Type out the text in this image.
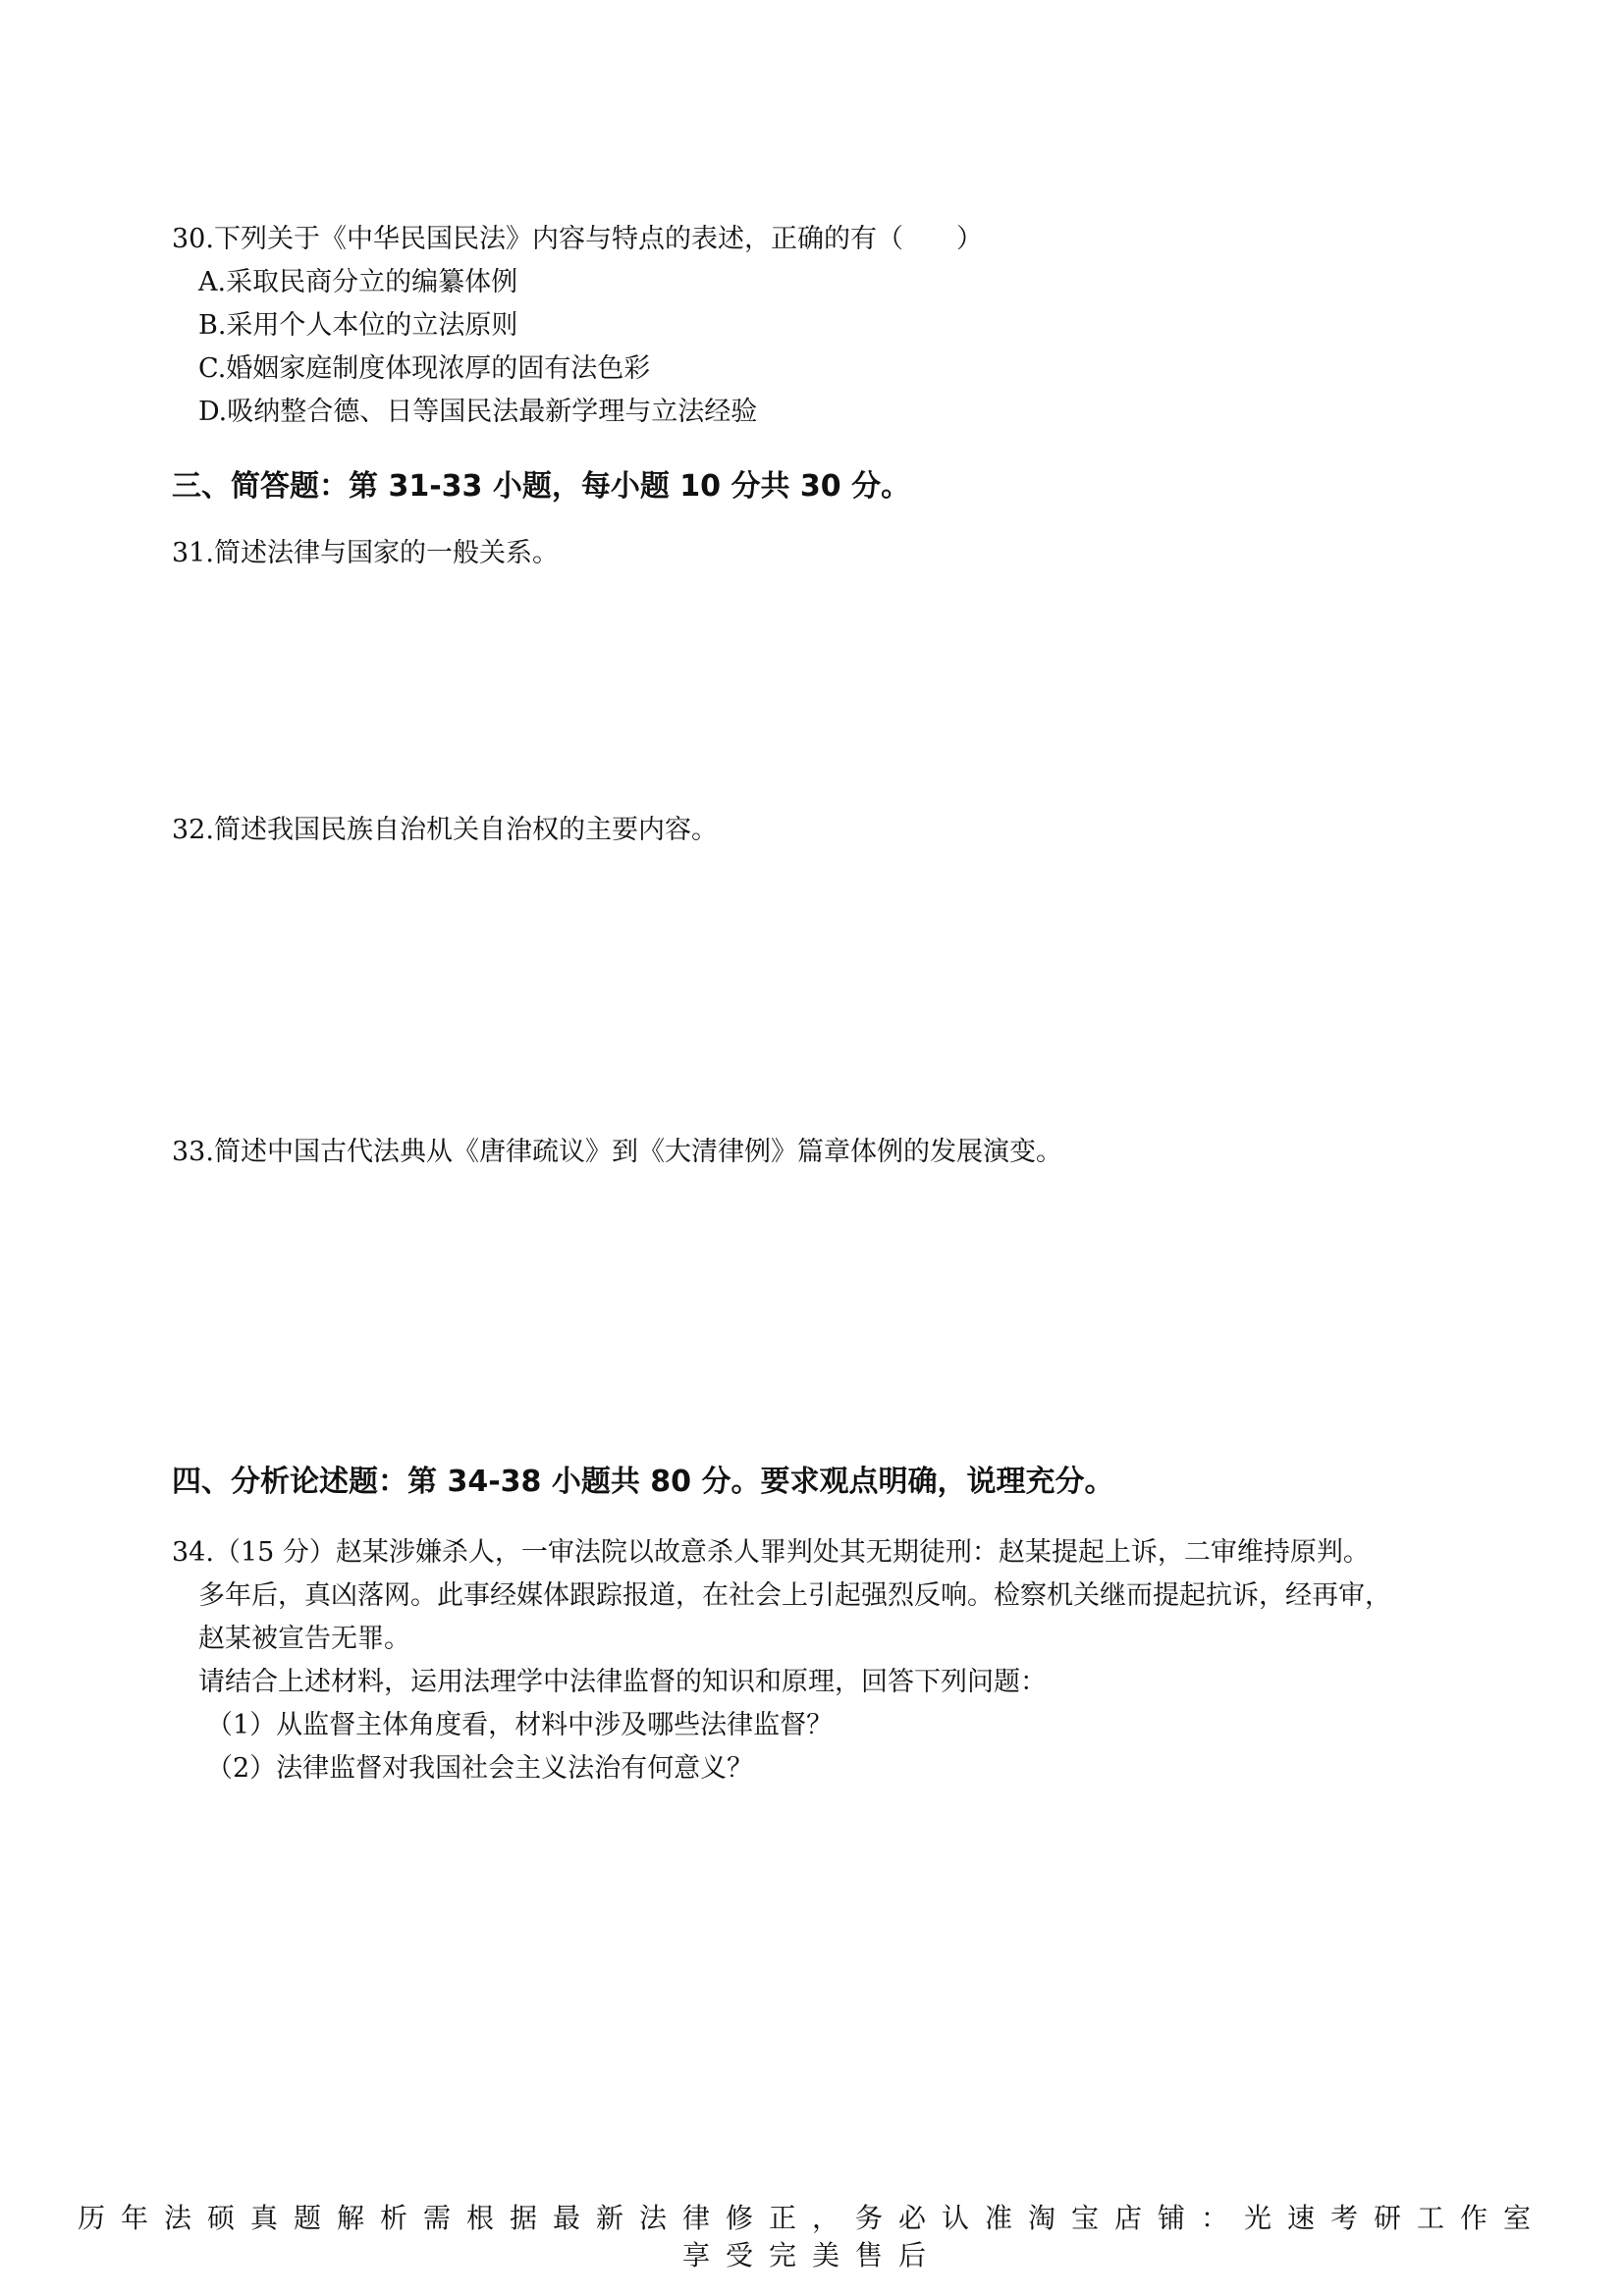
30.下列关于《中华民国民法》内容与特点的表述，正确的有（　　）
A.采取民商分立的编纂体例
B.采用个人本位的立法原则
C.婚姻家庭制度体现浓厚的固有法色彩
D.吸纳整合德、日等国民法最新学理与立法经验
三、简答题：第 31-33 小题，每小题 10 分共 30 分。
31.简述法律与国家的一般关系。
32.简述我国民族自治机关自治权的主要内容。
33.简述中国古代法典从《唐律疏议》到《大清律例》篇章体例的发展演变。
四、分析论述题：第 34-38 小题共 80 分。要求观点明确，说理充分。
34.（15 分）赵某涉嫌杀人，一审法院以故意杀人罪判处其无期徒刑：赵某提起上诉，二审维持原判。
多年后，真凶落网。此事经媒体跟踪报道，在社会上引起强烈反响。检察机关继而提起抗诉，经再审，
赵某被宣告无罪。
请结合上述材料，运用法理学中法律监督的知识和原理，回答下列问题：
（1）从监督主体角度看，材料中涉及哪些法律监督？
（2）法律监督对我国社会主义法治有何意义？
历年法硕真题解析需根据最新法律修正，务必认准淘宝店铺：光速考研工作室
享受完美售后
